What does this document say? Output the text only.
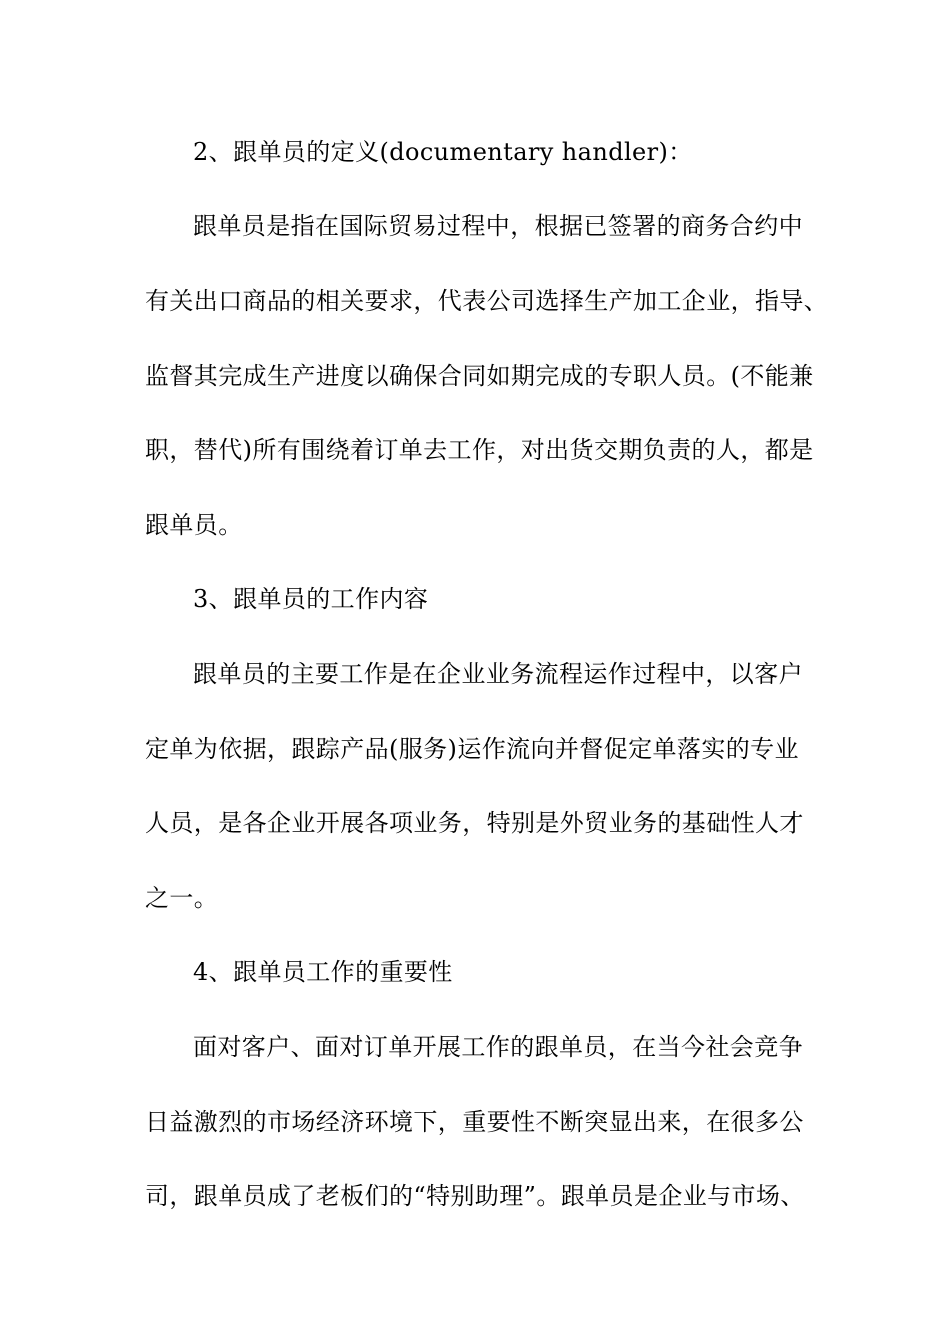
2、跟单员的定义(documentary handler)：
跟单员是指在国际贸易过程中，根据已签署的商务合约中
有关出口商品的相关要求，代表公司选择生产加工企业，指导、
监督其完成生产进度以确保合同如期完成的专职人员。(不能兼
职，替代)所有围绕着订单去工作，对出货交期负责的人，都是
跟单员。
3、跟单员的工作内容
跟单员的主要工作是在企业业务流程运作过程中，以客户
定单为依据，跟踪产品(服务)运作流向并督促定单落实的专业
人员，是各企业开展各项业务，特别是外贸业务的基础性人才
之一。
4、跟单员工作的重要性
面对客户、面对订单开展工作的跟单员，在当今社会竞争
日益激烈的市场经济环境下，重要性不断突显出来，在很多公
司，跟单员成了老板们的“特别助理”。跟单员是企业与市场、
